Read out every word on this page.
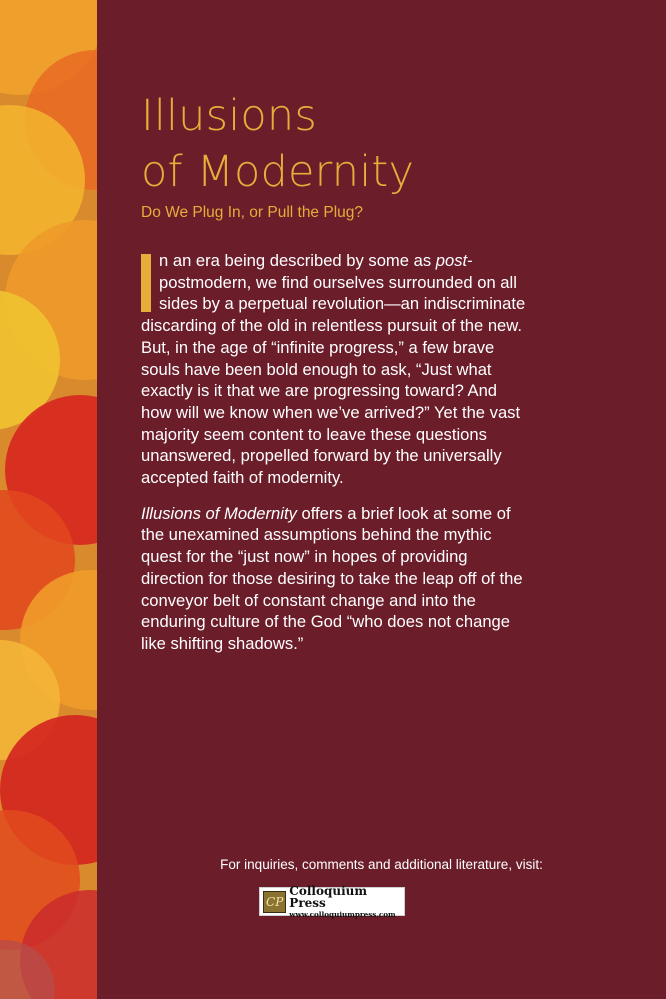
Illusions
of Modernity

Do We Plug In, or Pull the Plug?

n an era being described by some as post-postmodern, we find ourselves surrounded on all sides by a perpetual revolution—an indiscriminate discarding of the old in relentless pursuit of the new. But, in the age of “infinite progress,” a few brave souls have been bold enough to ask, “Just what exactly is it that we are progressing toward? And how will we know when we’ve arrived?” Yet the vast majority seem content to leave these questions unanswered, propelled forward by the universally accepted faith of modernity.

Illusions of Modernity offers a brief look at some of the unexamined assumptions behind the mythic quest for the “just now” in hopes of providing direction for those desiring to take the leap off of the conveyor belt of constant change and into the enduring culture of the God “who does not change like shifting shadows.”

For inquiries, comments and additional literature, visit:
CP
Colloquium Press
www.colloquiumpress.com
